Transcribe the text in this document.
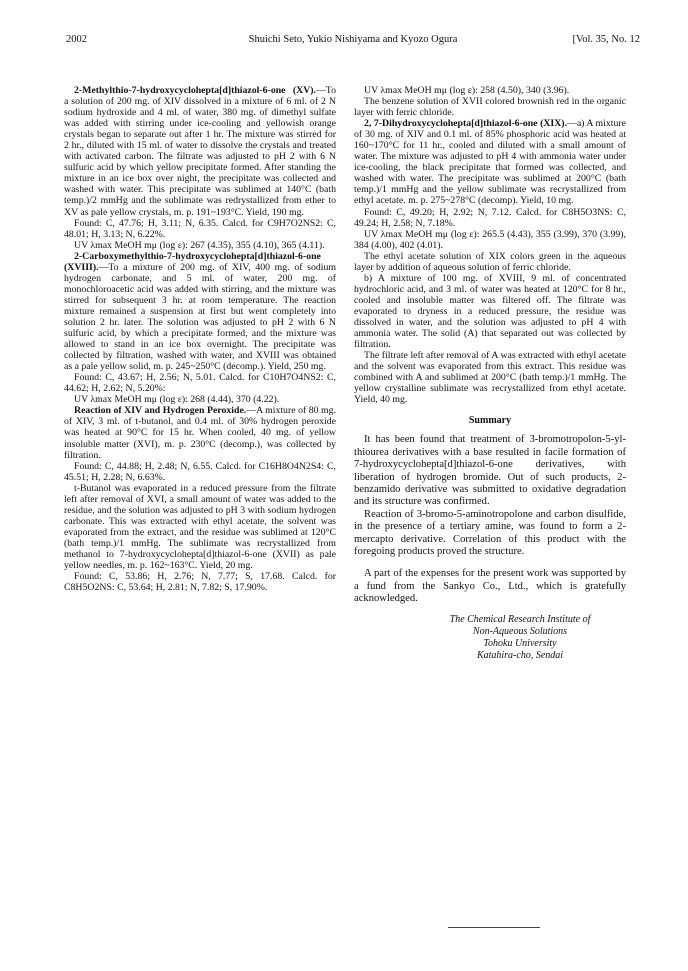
2002	Shuichi Seto, Yukio Nishiyama and Kyozo Ogura	[Vol. 35, No. 12

2-Methylthio-7-hydroxycyclohepta[d]thiazol-6-one (XV).—To a solution of 200 mg. of XIV dissolved in a mixture of 6 ml. of 2 N sodium hydroxide and 4 ml. of water, 380 mg. of dimethyl sulfate was added with stirring under ice-cooling and yellowish orange crystals began to separate out after 1 hr. The mixture was stirred for 2 hr., diluted with 15 ml. of water to dissolve the crystals and treated with activated carbon. The filtrate was adjusted to pH 2 with 6 N sulfuric acid by which yellow precipitate formed. After standing the mixture in an ice box over night, the precipitate was collected and washed with water. This precipitate was sublimed at 140°C (bath temp.)/2 mmHg and the sublimate was redrystallized from ether to XV as pale yellow crystals, m. p. 191~193°C. Yield, 190 mg.

Found: C, 47.76; H, 3.11; N, 6.35. Calcd. for C9H7O2NS2: C, 48.01; H, 3.13; N, 6.22%.

UV λmax MeOH mμ (log ε): 267 (4.35), 355 (4.10), 365 (4.11).

2-Carboxymethylthio-7-hydroxycyclohepta[d]thiazol-6-one (XVIII).—To a mixture of 200 mg. of XIV, 400 mg. of sodium hydrogen carbonate, and 5 ml. of water, 200 mg. of monochloroacetic acid was added with stirring, and the mixture was stirred for subsequent 3 hr. at room temperature. The reaction mixture remained a suspension at first but went completely into solution 2 hr. later. The solution was adjusted to pH 2 with 6 N sulfuric acid, by which a precipitate formed, and the mixture was allowed to stand in an ice box overnight. The precipitate was collected by filtration, washed with water, and XVIII was obtained as a pale yellow solid, m. p. 245~250°C (decomp.). Yield, 250 mg.

Found: C, 43.67; H, 2.56; N, 5.01. Calcd. for C10H7O4NS2: C, 44.62; H, 2.62; N, 5.20%:

UV λmax MeOH mμ (log ε): 268 (4.44), 370 (4.22).

Reaction of XIV and Hydrogen Peroxide.—A mixture of 80 mg. of XIV, 3 ml. of t-butanol, and 0.4 ml. of 30% hydrogen peroxide was heated at 90°C for 15 hr. When cooled, 40 mg. of yellow insoluble matter (XVI), m. p. 230°C (decomp.), was collected by filtration.

Found: C, 44.88; H, 2.48; N, 6.55. Calcd. for C16H8O4N2S4: C, 45.51; H, 2.28; N, 6.63%.

t-Butanol was evaporated in a reduced pressure from the filtrate left after removal of XVI, a small amount of water was added to the residue, and the solution was adjusted to pH 3 with sodium hydrogen carbonate. This was extracted with ethyl acetate, the solvent was evaporated from the extract, and the residue was sublimed at 120°C (bath temp.)/1 mmHg. The sublimate was recrystallized from methanol to 7-hydroxycyclohepta[d]thiazol-6-one (XVII) as pale yellow needles, m. p. 162~163°C. Yield, 20 mg.

Found: C, 53.86; H, 2.76; N, 7.77; S, 17.68. Calcd. for C8H5O2NS: C, 53.64; H, 2.81; N, 7.82; S, 17.90%.

UV λmax MeOH mμ (log ε): 258 (4.50), 340 (3.96).

The benzene solution of XVII colored brownish red in the organic layer with ferric chloride.

2, 7-Dihydroxycyclohepta[d]thiazol-6-one (XIX).—a) A mixture of 30 mg. of XIV and 0.1 ml. of 85% phosphoric acid was heated at 160~170°C for 11 hr., cooled and diluted with a small amount of water. The mixture was adjusted to pH 4 with ammonia water under ice-cooling, the black precipitate that formed was collected, and washed with water. The precipitate was sublimed at 200°C (bath temp.)/1 mmHg and the yellow sublimate was recrystallized from ethyl acetate. m. p. 275~278°C (decomp). Yield, 10 mg.

Found: C, 49.20; H, 2.92; N, 7.12. Calcd. for C8H5O3NS: C, 49.24; H, 2.58; N, 7.18%.

UV λmax MeOH mμ (log ε): 265.5 (4.43), 355 (3.99), 370 (3.99), 384 (4.00), 402 (4.01).

The ethyl acetate solution of XIX colors green in the aqueous layer by addition of aqueous solution of ferric chloride.

b) A mixture of 100 mg. of XVIII, 9 ml. of concentrated hydrochloric acid, and 3 ml. of water was heated at 120°C for 8 hr., cooled and insoluble matter was filtered off. The filtrate was evaporated to dryness in a reduced pressure, the residue was dissolved in water, and the solution was adjusted to pH 4 with ammonia water. The solid (A) that separated out was collected by filtration.

The filtrate left after removal of A was extracted with ethyl acetate and the solvent was evaporated from this extract. This residue was combined with A and sublimed at 200°C (bath temp.)/1 mmHg. The yellow crystalline sublimate was recrystallized from ethyl acetate. Yield, 40 mg.

Summary

It has been found that treatment of 3-bromotropolon-5-yl-thiourea derivatives with a base resulted in facile formation of 7-hydroxycyclohepta[d]thiazol-6-one derivatives, with liberation of hydrogen bromide. Out of such products, 2-benzamido derivative was submitted to oxidative degradation and its structure was confirmed.

Reaction of 3-bromo-5-aminotropolone and carbon disulfide, in the presence of a tertiary amine, was found to form a 2-mercapto derivative. Correlation of this product with the foregoing products proved the structure.

A part of the expenses for the present work was supported by a fund from the Sankyo Co., Ltd., which is gratefully acknowledged.

The Chemical Research Institute of
Non-Aqueous Solutions
Tohoku University
Katahira-cho, Sendai
